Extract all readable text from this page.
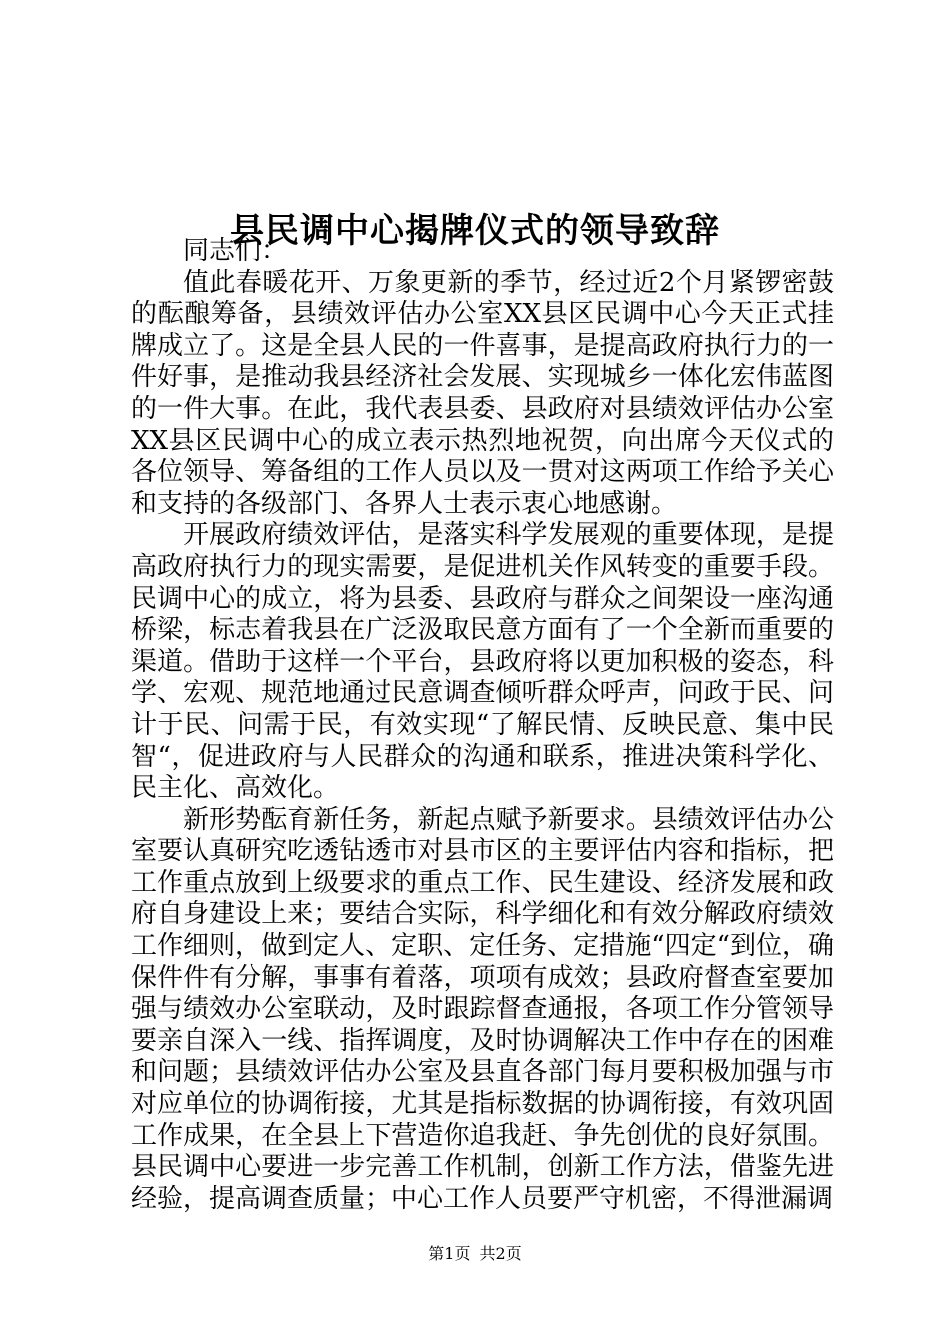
县民调中心揭牌仪式的领导致辞

同志们：

值此春暖花开、万象更新的季节，经过近2个月紧锣密鼓的酝酿筹备，县绩效评估办公室XX县区民调中心今天正式挂牌成立了。这是全县人民的一件喜事，是提高政府执行力的一件好事，是推动我县经济社会发展、实现城乡一体化宏伟蓝图的一件大事。在此，我代表县委、县政府对县绩效评估办公室XX县区民调中心的成立表示热烈地祝贺，向出席今天仪式的各位领导、筹备组的工作人员以及一贯对这两项工作给予关心和支持的各级部门、各界人士表示衷心地感谢。

开展政府绩效评估，是落实科学发展观的重要体现，是提高政府执行力的现实需要，是促进机关作风转变的重要手段。民调中心的成立，将为县委、县政府与群众之间架设一座沟通桥梁，标志着我县在广泛汲取民意方面有了一个全新而重要的渠道。借助于这样一个平台，县政府将以更加积极的姿态，科学、宏观、规范地通过民意调查倾听群众呼声，问政于民、问计于民、问需于民，有效实现“了解民情、反映民意、集中民智“，促进政府与人民群众的沟通和联系，推进决策科学化、民主化、高效化。

新形势酝育新任务，新起点赋予新要求。县绩效评估办公室要认真研究吃透钻透市对县市区的主要评估内容和指标，把工作重点放到上级要求的重点工作、民生建设、经济发展和政府自身建设上来；要结合实际，科学细化和有效分解政府绩效工作细则，做到定人、定职、定任务、定措施“四定“到位，确保件件有分解，事事有着落，项项有成效；县政府督查室要加强与绩效办公室联动，及时跟踪督查通报，各项工作分管领导要亲自深入一线、指挥调度，及时协调解决工作中存在的困难和问题；县绩效评估办公室及县直各部门每月要积极加强与市对应单位的协调衔接，尤其是指标数据的协调衔接，有效巩固工作成果，在全县上下营造你追我赶、争先创优的良好氛围。县民调中心要进一步完善工作机制，创新工作方法，借鉴先进经验，提高调查质量；中心工作人员要严守机密，不得泄漏调

第1页 共2页
